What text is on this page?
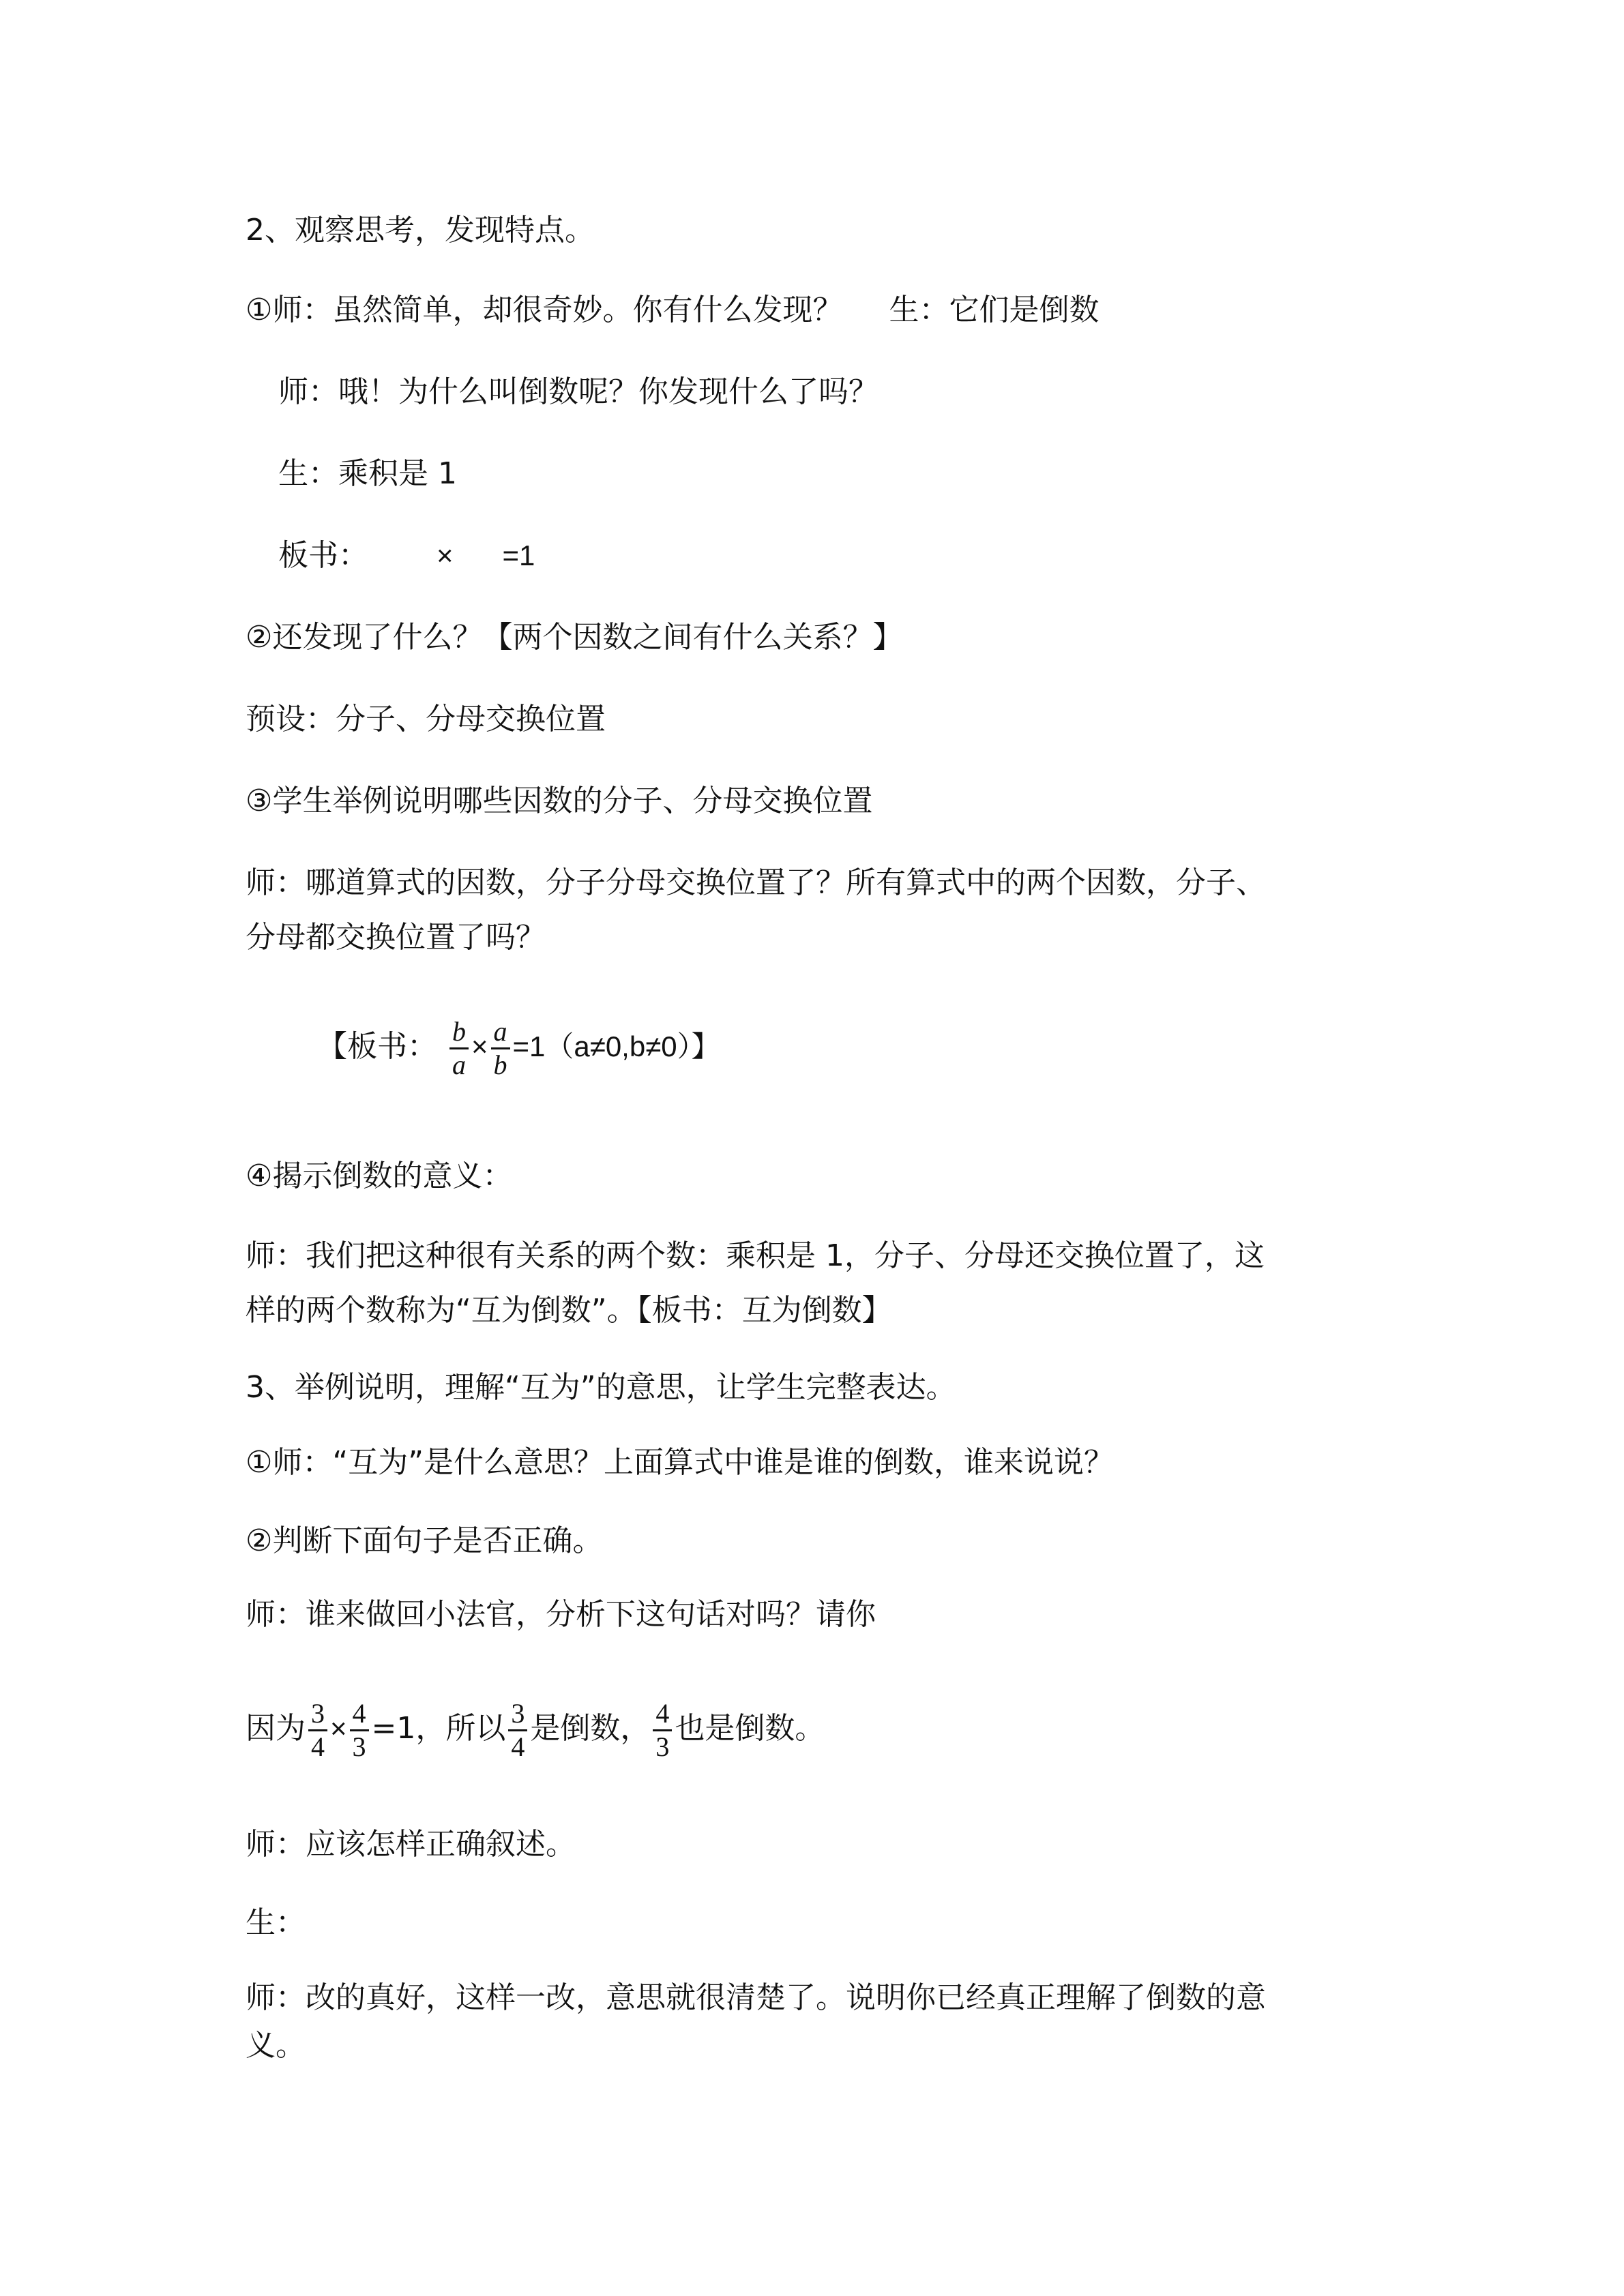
2、观察思考，发现特点。
①师：虽然简单，却很奇妙。你有什么发现？ 生：它们是倒数
师：哦！为什么叫倒数呢？你发现什么了吗？
生：乘积是 1
板书： × =1
②还发现了什么？【两个因数之间有什么关系？】
预设：分子、分母交换位置
③学生举例说明哪些因数的分子、分母交换位置
师：哪道算式的因数，分子分母交换位置了？所有算式中的两个因数，分子、
分母都交换位置了吗？
【板书： $\frac{b}{a} \times \frac{a}{b} =1(a\ne 0,b\ne 0)$】
④揭示倒数的意义：
师：我们把这种很有关系的两个数：乘积是 1，分子、分母还交换位置了，这
样的两个数称为“互为倒数”。【板书：互为倒数】
3、举例说明，理解“互为”的意思，让学生完整表达。
①师：“互为”是什么意思？上面算式中谁是谁的倒数，谁来说说？
②判断下面句子是否正确。
师：谁来做回小法官，分析下这句话对吗？请你
因为 $\frac{3}{4} \times \frac{4}{3} =1$，所以 $\frac{3}{4}$ 是倒数， $\frac{4}{3}$ 也是倒数。
师：应该怎样正确叙述。
生：
师：改的真好，这样一改，意思就很清楚了。说明你已经真正理解了倒数的意
义。
